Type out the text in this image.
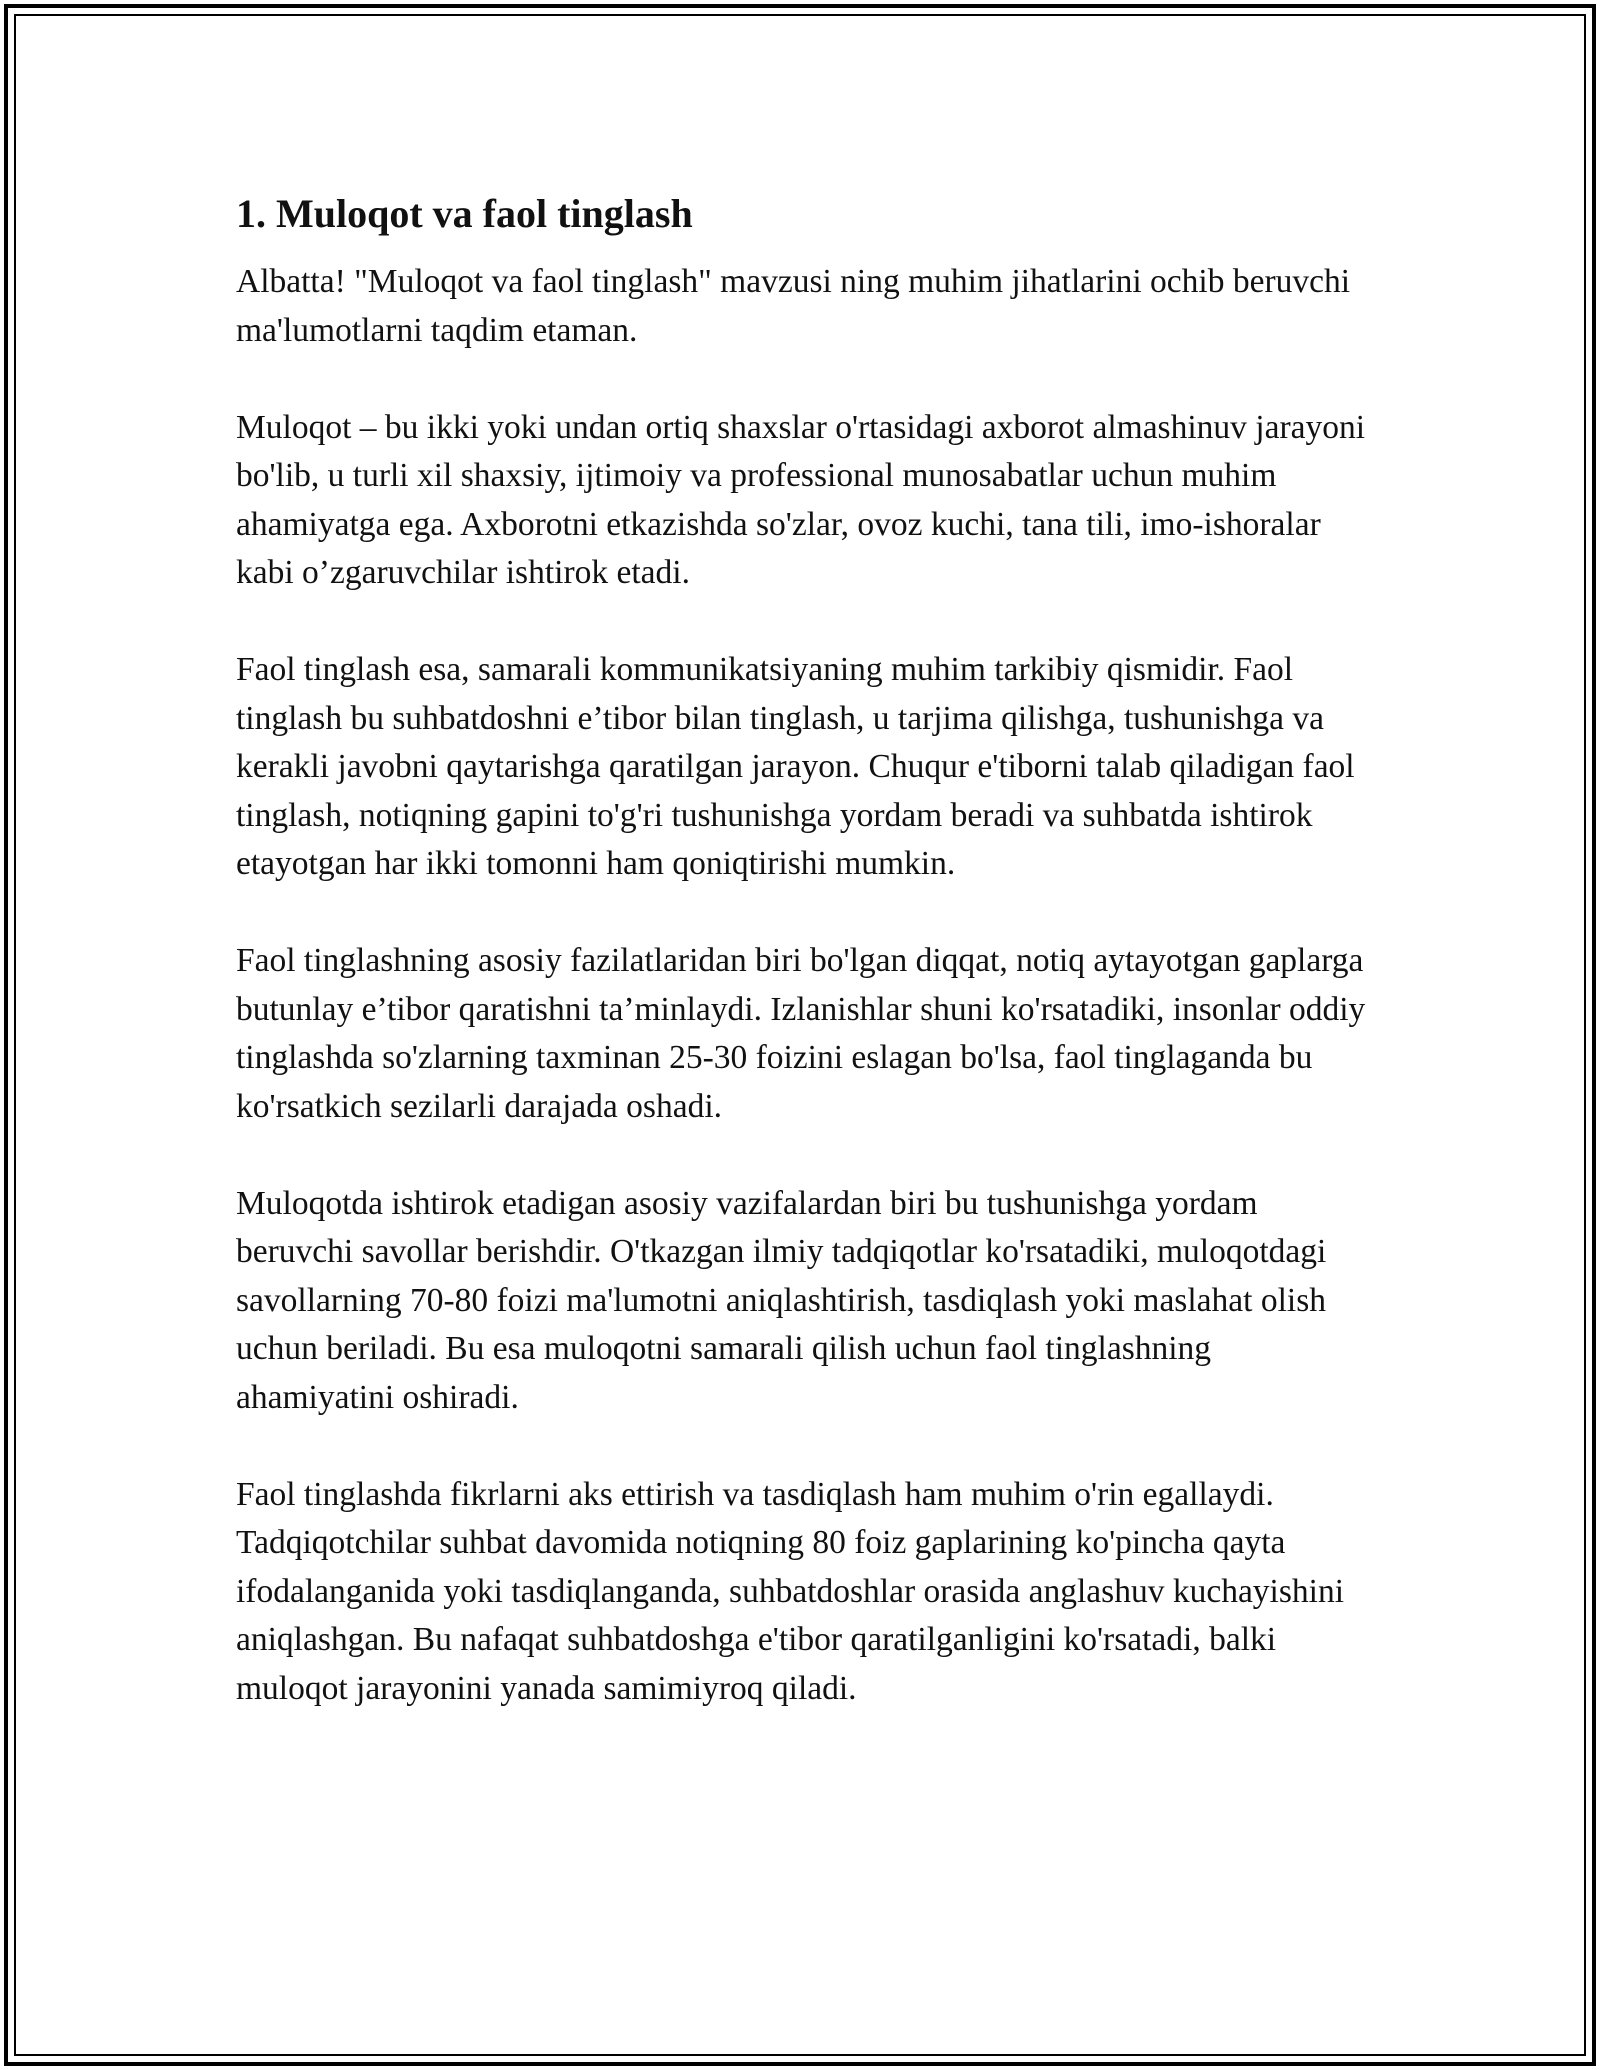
1. Muloqot va faol tinglash

Albatta! "Muloqot va faol tinglash" mavzusi ning muhim jihatlarini ochib beruvchi ma'lumotlarni taqdim etaman.

Muloqot – bu ikki yoki undan ortiq shaxslar o'rtasidagi axborot almashinuv jarayoni bo'lib, u turli xil shaxsiy, ijtimoiy va professional munosabatlar uchun muhim ahamiyatga ega. Axborotni etkazishda so'zlar, ovoz kuchi, tana tili, imo-ishoralar kabi o’zgaruvchilar ishtirok etadi.

Faol tinglash esa, samarali kommunikatsiyaning muhim tarkibiy qismidir. Faol tinglash bu suhbatdoshni e’tibor bilan tinglash, u tarjima qilishga, tushunishga va kerakli javobni qaytarishga qaratilgan jarayon. Chuqur e'tiborni talab qiladigan faol tinglash, notiqning gapini to'g'ri tushunishga yordam beradi va suhbatda ishtirok etayotgan har ikki tomonni ham qoniqtirishi mumkin.

Faol tinglashning asosiy fazilatlaridan biri bo'lgan diqqat, notiq aytayotgan gaplarga butunlay e’tibor qaratishni ta’minlaydi. Izlanishlar shuni ko'rsatadiki, insonlar oddiy tinglashda so'zlarning taxminan 25-30 foizini eslagan bo'lsa, faol tinglaganda bu ko'rsatkich sezilarli darajada oshadi.

Muloqotda ishtirok etadigan asosiy vazifalardan biri bu tushunishga yordam beruvchi savollar berishdir. O'tkazgan ilmiy tadqiqotlar ko'rsatadiki, muloqotdagi savollarning 70-80 foizi ma'lumotni aniqlashtirish, tasdiqlash yoki maslahat olish uchun beriladi. Bu esa muloqotni samarali qilish uchun faol tinglashning ahamiyatini oshiradi.

Faol tinglashda fikrlarni aks ettirish va tasdiqlash ham muhim o'rin egallaydi. Tadqiqotchilar suhbat davomida notiqning 80 foiz gaplarining ko'pincha qayta ifodalanganida yoki tasdiqlanganda, suhbatdoshlar orasida anglashuv kuchayishini aniqlashgan. Bu nafaqat suhbatdoshga e'tibor qaratilganligini ko'rsatadi, balki muloqot jarayonini yanada samimiyroq qiladi.
